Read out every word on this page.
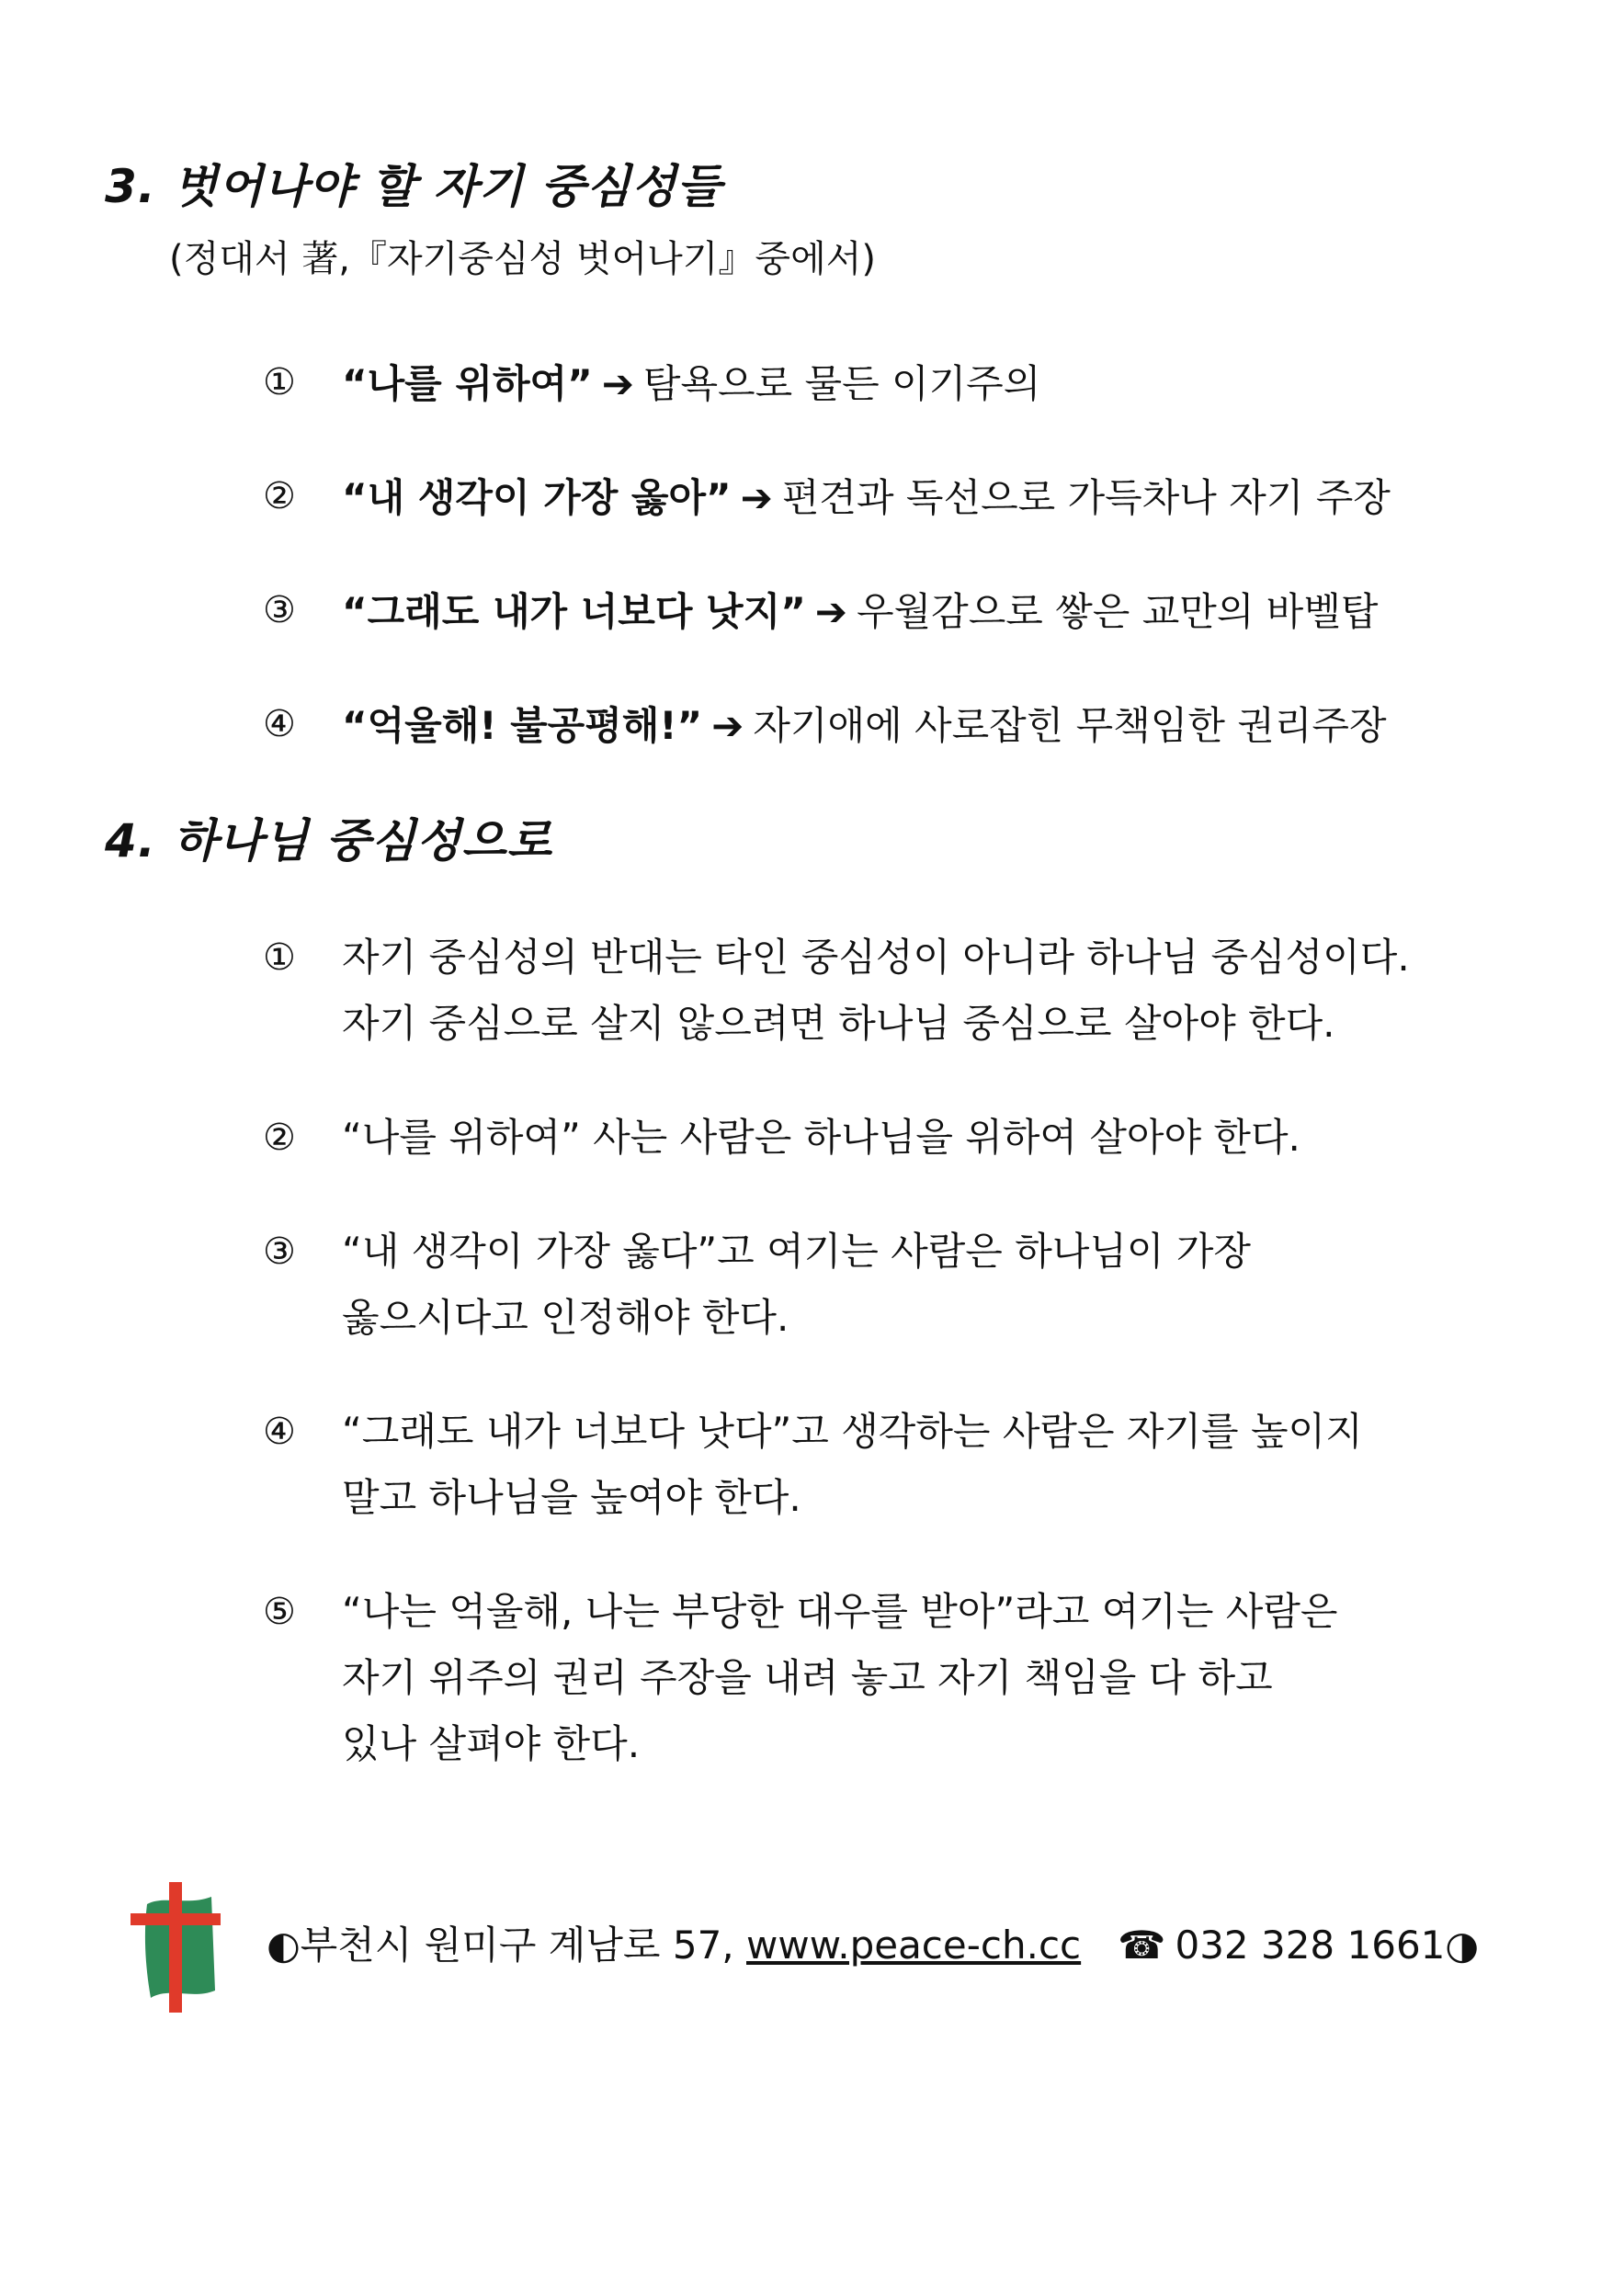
3. 벗어나야 할 자기 중심성들
(정대서 著,『자기중심성 벗어나기』중에서)
① “나를 위하여” ➔ 탐욕으로 물든 이기주의
② “내 생각이 가장 옳아” ➔ 편견과 독선으로 가득차나 자기 주장
③ “그래도 내가 너보다 낫지” ➔ 우월감으로 쌓은 교만의 바벨탑
④ “억울해! 불공평해!” ➔ 자기애에 사로잡힌 무책임한 권리주장
4. 하나님 중심성으로
① 자기 중심성의 반대는 타인 중심성이 아니라 하나님 중심성이다.
자기 중심으로 살지 않으려면 하나님 중심으로 살아야 한다.
② “나를 위하여” 사는 사람은 하나님을 위하여 살아야 한다.
③ “내 생각이 가장 옳다”고 여기는 사람은 하나님이 가장
옳으시다고 인정해야 한다.
④ “그래도 내가 너보다 낫다”고 생각하는 사람은 자기를 높이지
말고 하나님을 높여야 한다.
⑤ “나는 억울해, 나는 부당한 대우를 받아”라고 여기는 사람은
자기 위주의 권리 주장을 내려 놓고 자기 책임을 다 하고
있나 살펴야 한다.
◐부천시 원미구 계남로 57, www.peace-ch.cc ☎ 032 328 1661◑
